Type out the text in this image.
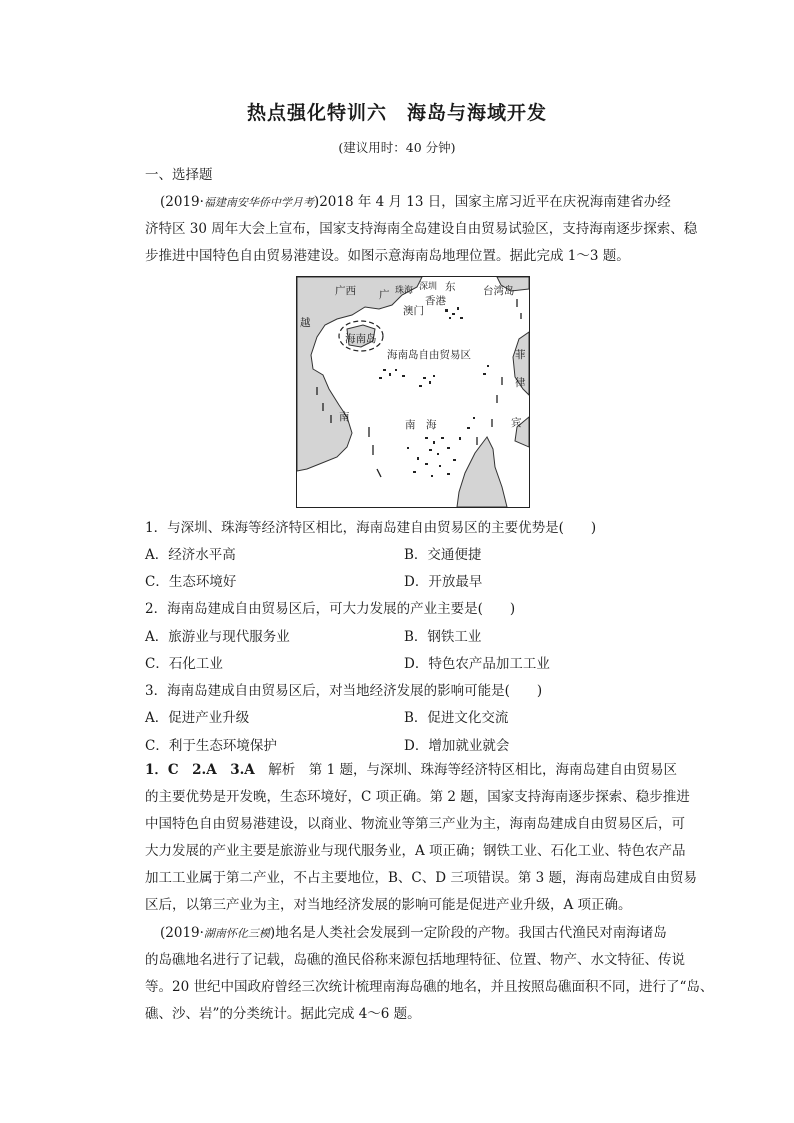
热点强化特训六　海岛与海域开发
(建议用时：40 分钟)
一、选择题
(2019·福建南安华侨中学月考)2018 年 4 月 13 日，国家主席习近平在庆祝海南建省办经
济特区 30 周年大会上宣布，国家支持海南全岛建设自由贸易试验区，支持海南逐步探索、稳
步推进中国特色自由贸易港建设。如图示意海南岛地理位置。据此完成 1～3 题。
广西 广 珠海 深圳 东
香港
澳门
台湾岛
越
海南岛
海南岛自由贸易区	菲
律
宾
南
南　海
1．与深圳、珠海等经济特区相比，海南岛建自由贸易区的主要优势是(　　)
A．经济水平高	B．交通便捷
C．生态环境好	D．开放最早
2．海南岛建成自由贸易区后，可大力发展的产业主要是(　　)
A．旅游业与现代服务业	B．钢铁工业
C．石化工业	D．特色农产品加工工业
3．海南岛建成自由贸易区后，对当地经济发展的影响可能是(　　)
A．促进产业升级	B．促进文化交流
C．利于生态环境保护	D．增加就业就会
1．C　2.A　3.A　 解析　第 1 题，与深圳、珠海等经济特区相比，海南岛建自由贸易区
的主要优势是开发晚，生态环境好，C 项正确。第 2 题，国家支持海南逐步探索、稳步推进
中国特色自由贸易港建设，以商业、物流业等第三产业为主，海南岛建成自由贸易区后，可
大力发展的产业主要是旅游业与现代服务业，A 项正确；钢铁工业、石化工业、特色农产品
加工工业属于第二产业，不占主要地位，B、C、D 三项错误。第 3 题，海南岛建成自由贸易
区后，以第三产业为主，对当地经济发展的影响可能是促进产业升级，A 项正确。
(2019·湖南怀化三模)地名是人类社会发展到一定阶段的产物。我国古代渔民对南海诸岛
的岛礁地名进行了记载，岛礁的渔民俗称来源包括地理特征、位置、物产、水文特征、传说
等。20 世纪中国政府曾经三次统计梳理南海岛礁的地名，并且按照岛礁面积不同，进行了“岛、
礁、沙、岩”的分类统计。据此完成 4～6 题。
